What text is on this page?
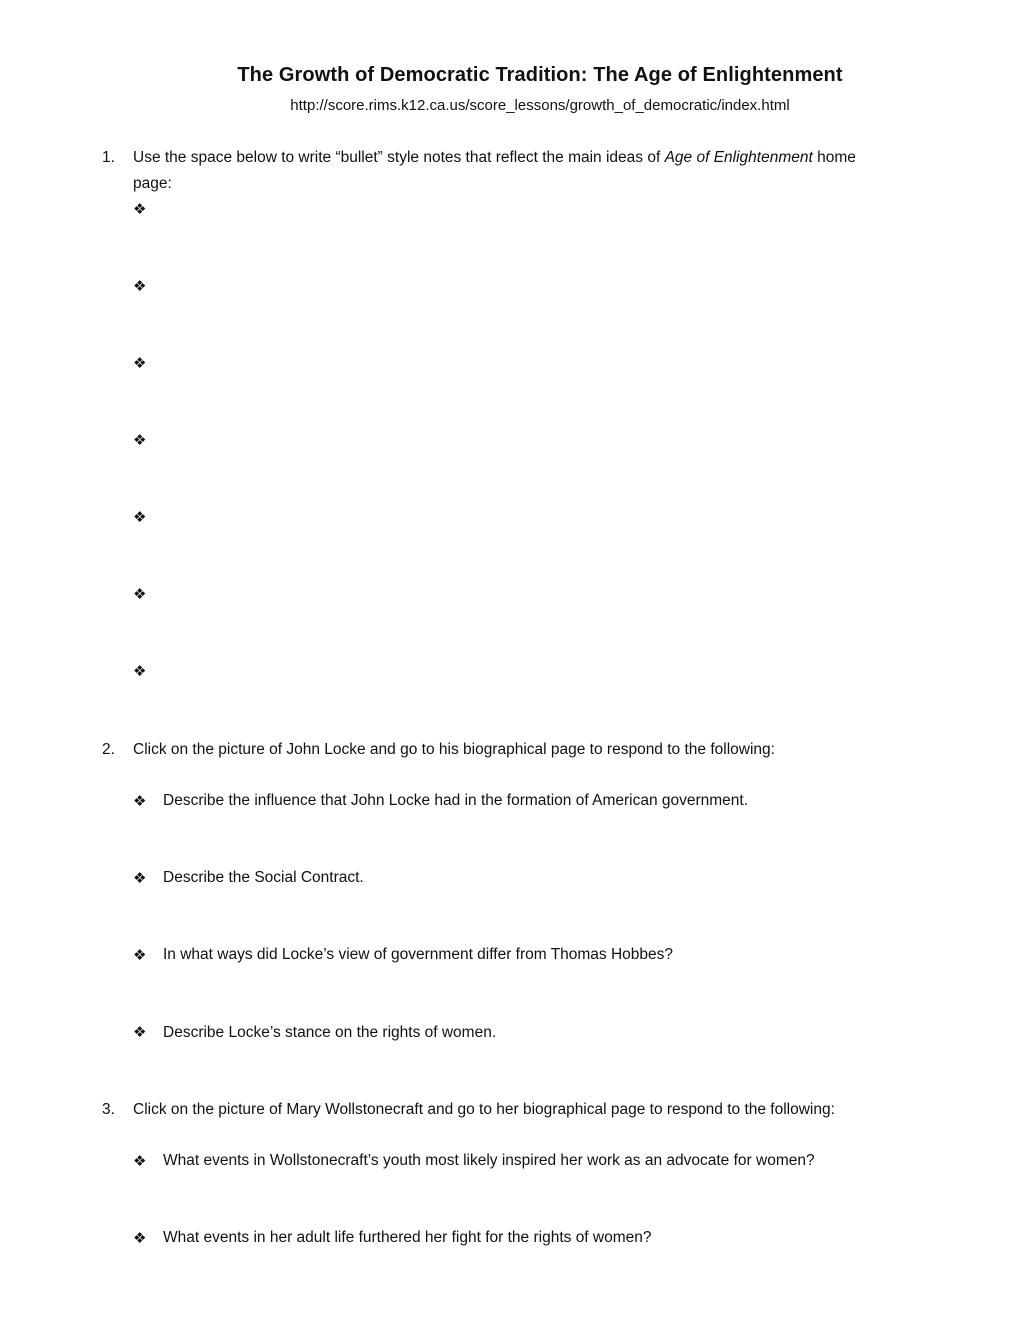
The Growth of Democratic Tradition: The Age of Enlightenment
http://score.rims.k12.ca.us/score_lessons/growth_of_democratic/index.html
1. Use the space below to write “bullet” style notes that reflect the main ideas of Age of Enlightenment home
page:
❖
❖
❖
❖
❖
❖
❖
2. Click on the picture of John Locke and go to his biographical page to respond to the following:
❖ Describe the influence that John Locke had in the formation of American government.
❖ Describe the Social Contract.
❖ In what ways did Locke’s view of government differ from Thomas Hobbes?
❖ Describe Locke’s stance on the rights of women.
3. Click on the picture of Mary Wollstonecraft and go to her biographical page to respond to the following:
❖ What events in Wollstonecraft’s youth most likely inspired her work as an advocate for women?
❖ What events in her adult life furthered her fight for the rights of women?
